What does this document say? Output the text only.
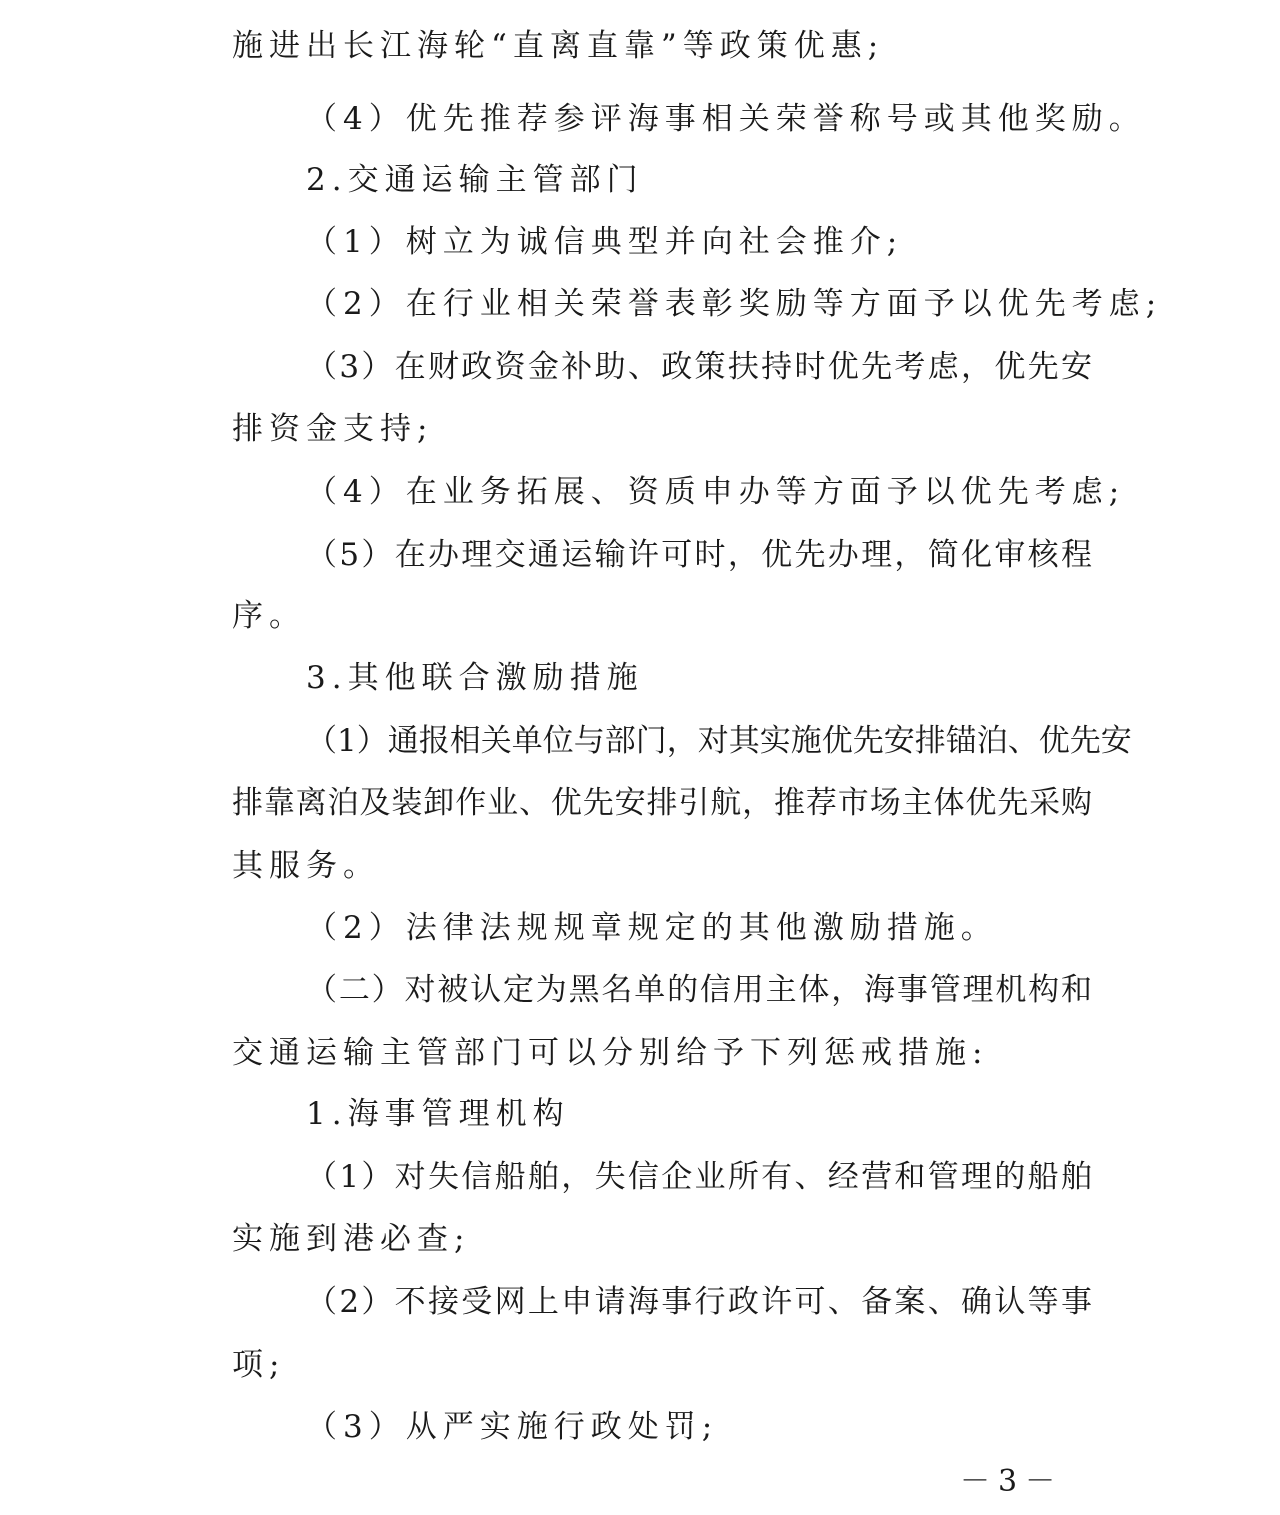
施进出长江海轮“直离直靠”等政策优惠;

（4）优先推荐参评海事相关荣誉称号或其他奖励。

2.交通运输主管部门

（1）树立为诚信典型并向社会推介;

（2）在行业相关荣誉表彰奖励等方面予以优先考虑;

（3）在财政资金补助、政策扶持时优先考虑，优先安

排资金支持;

（4）在业务拓展、资质申办等方面予以优先考虑;

（5）在办理交通运输许可时，优先办理，简化审核程

序。

3.其他联合激励措施

（1）通报相关单位与部门，对其实施优先安排锚泊、优先安

排靠离泊及装卸作业、优先安排引航，推荐市场主体优先采购

其服务。

（2）法律法规规章规定的其他激励措施。

（二）对被认定为黑名单的信用主体，海事管理机构和

交通运输主管部门可以分别给予下列惩戒措施:

1.海事管理机构

（1）对失信船舶，失信企业所有、经营和管理的船舶

实施到港必查;

（2）不接受网上申请海事行政许可、备案、确认等事

项;

（3）从严实施行政处罚;

－3－
